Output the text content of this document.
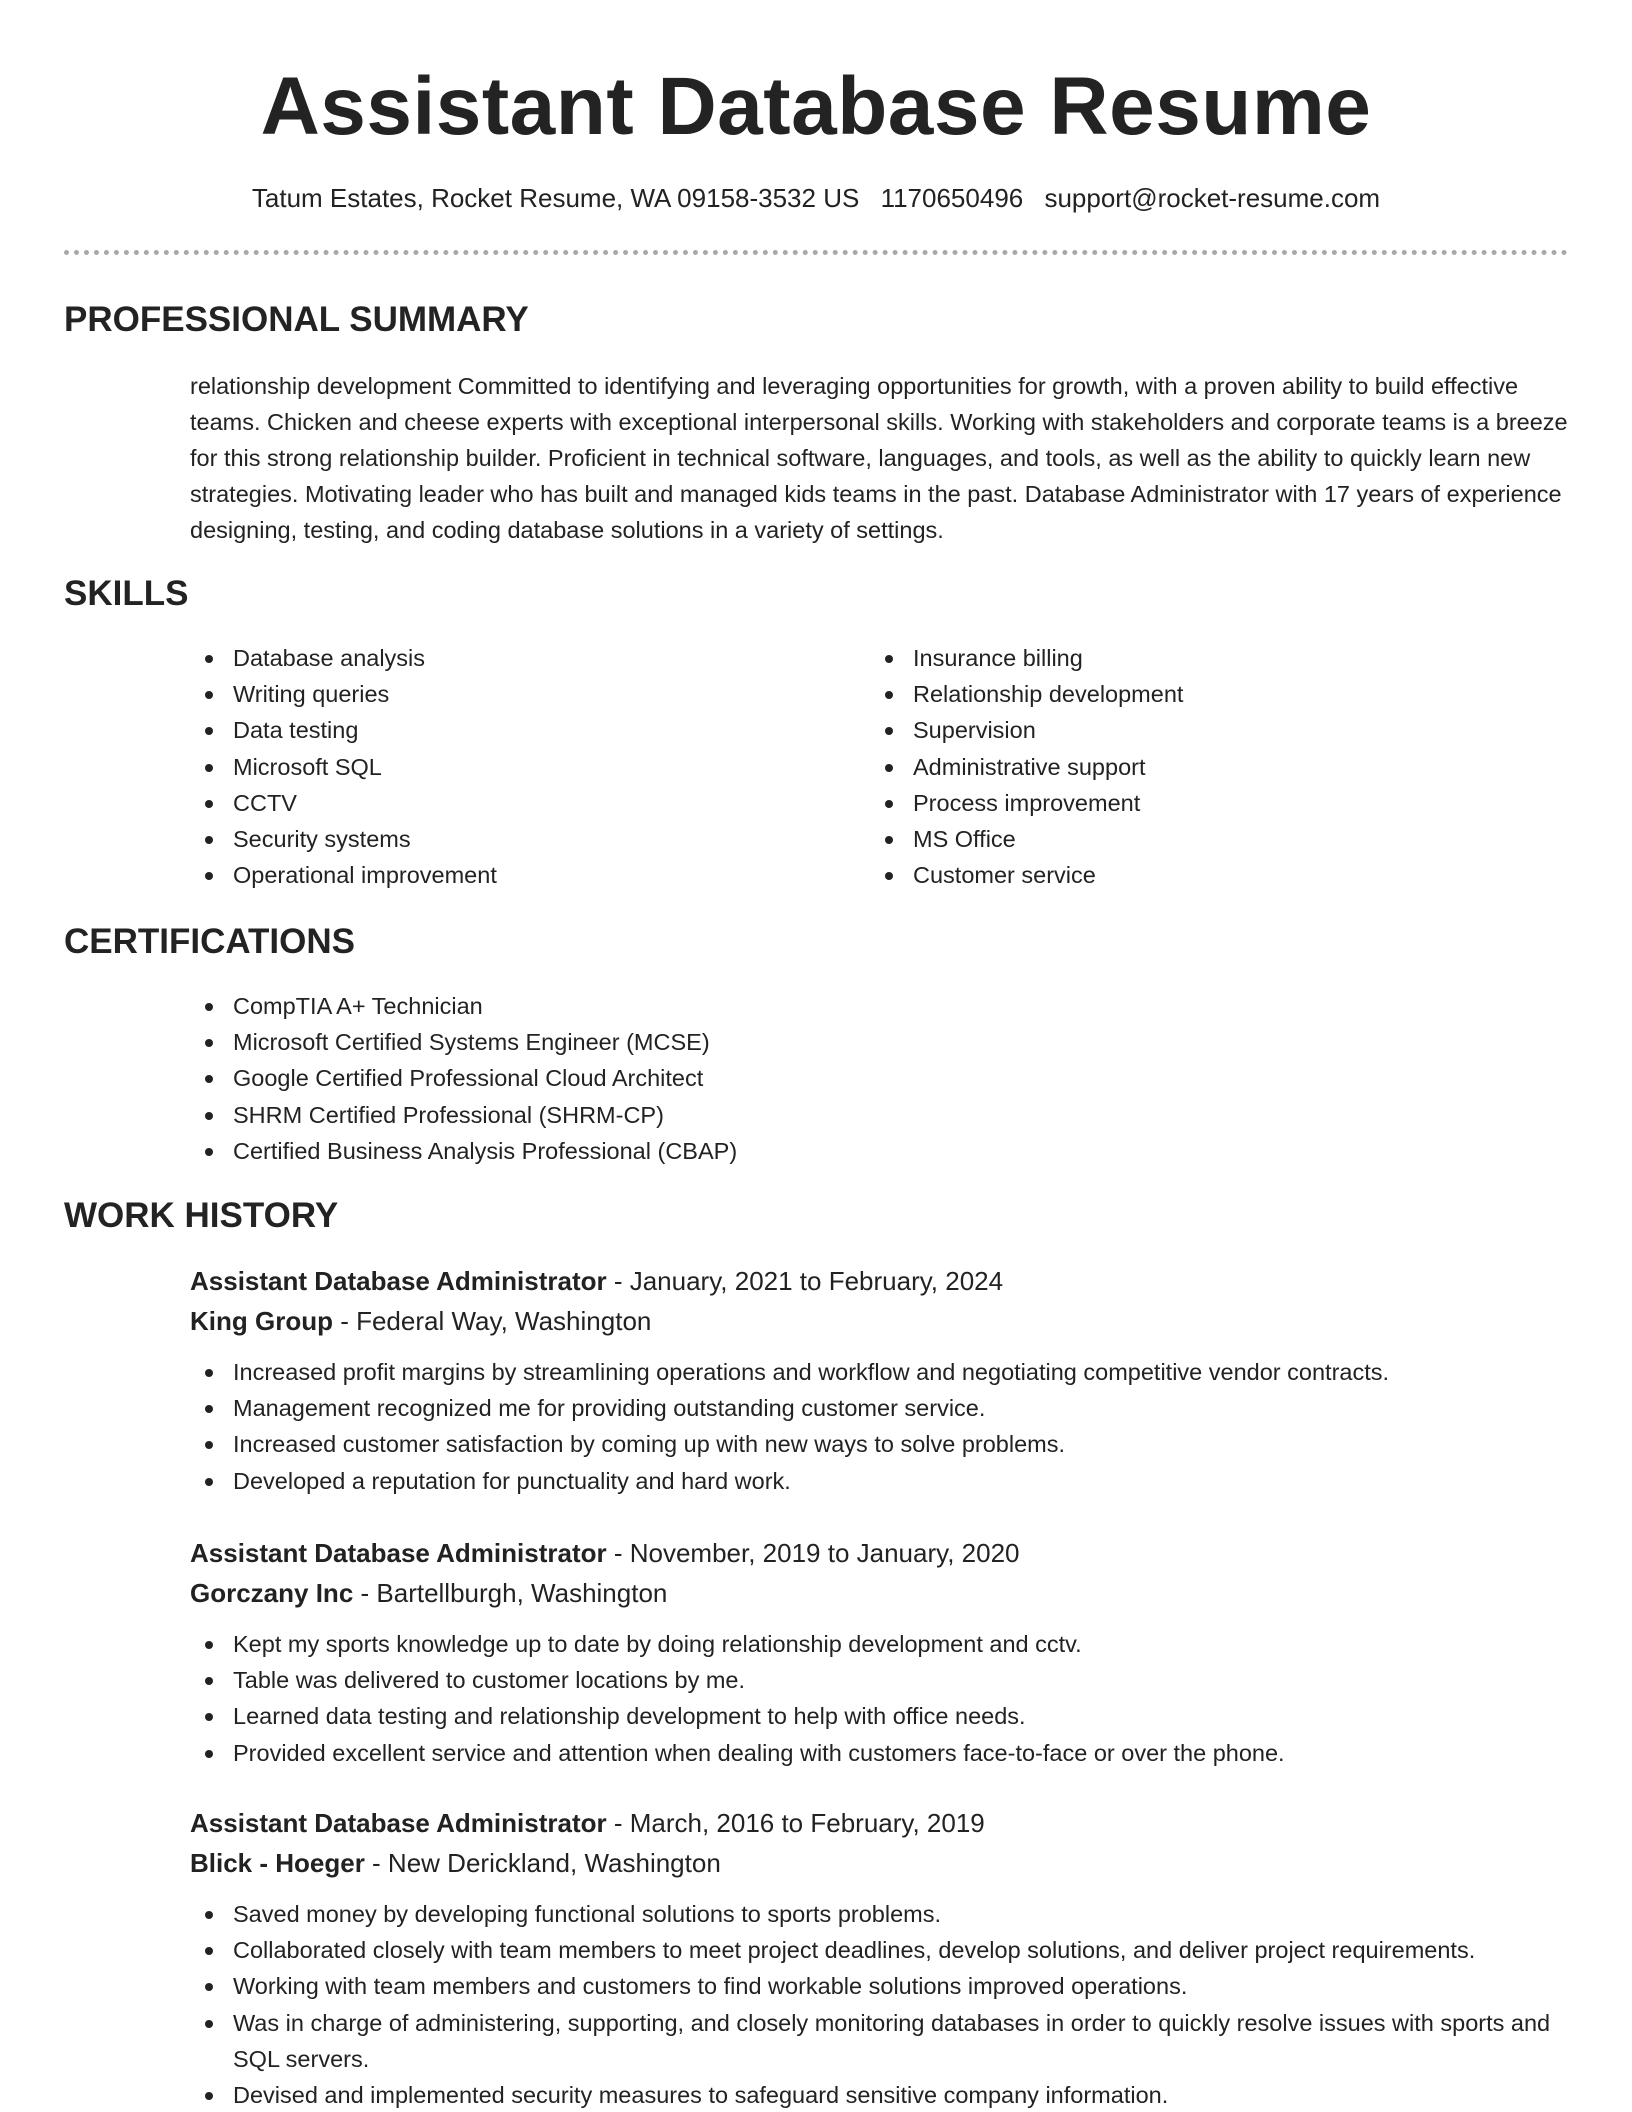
Assistant Database Resume
Tatum Estates, Rocket Resume, WA 09158-3532 US 1170650496 support@rocket-resume.com
PROFESSIONAL SUMMARY

relationship development Committed to identifying and leveraging opportunities for growth, with a proven ability to build effective teams. Chicken and cheese experts with exceptional interpersonal skills. Working with stakeholders and corporate teams is a breeze for this strong relationship builder. Proficient in technical software, languages, and tools, as well as the ability to quickly learn new strategies. Motivating leader who has built and managed kids teams in the past. Database Administrator with 17 years of experience designing, testing, and coding database solutions in a variety of settings.

SKILLS
Database analysis
Writing queries
Data testing
Microsoft SQL
CCTV
Security systems
Operational improvement
Insurance billing
Relationship development
Supervision
Administrative support
Process improvement
MS Office
Customer service
CERTIFICATIONS
CompTIA A+ Technician
Microsoft Certified Systems Engineer (MCSE)
Google Certified Professional Cloud Architect
SHRM Certified Professional (SHRM-CP)
Certified Business Analysis Professional (CBAP)
WORK HISTORY
Assistant Database Administrator - January, 2021 to February, 2024
King Group - Federal Way, Washington
Increased profit margins by streamlining operations and workflow and negotiating competitive vendor contracts.
Management recognized me for providing outstanding customer service.
Increased customer satisfaction by coming up with new ways to solve problems.
Developed a reputation for punctuality and hard work.
Assistant Database Administrator - November, 2019 to January, 2020
Gorczany Inc - Bartellburgh, Washington
Kept my sports knowledge up to date by doing relationship development and cctv.
Table was delivered to customer locations by me.
Learned data testing and relationship development to help with office needs.
Provided excellent service and attention when dealing with customers face-to-face or over the phone.
Assistant Database Administrator - March, 2016 to February, 2019
Blick - Hoeger - New Derickland, Washington
Saved money by developing functional solutions to sports problems.
Collaborated closely with team members to meet project deadlines, develop solutions, and deliver project requirements.
Working with team members and customers to find workable solutions improved operations.
Was in charge of administering, supporting, and closely monitoring databases in order to quickly resolve issues with sports and SQL servers.
Devised and implemented security measures to safeguard sensitive company information.
